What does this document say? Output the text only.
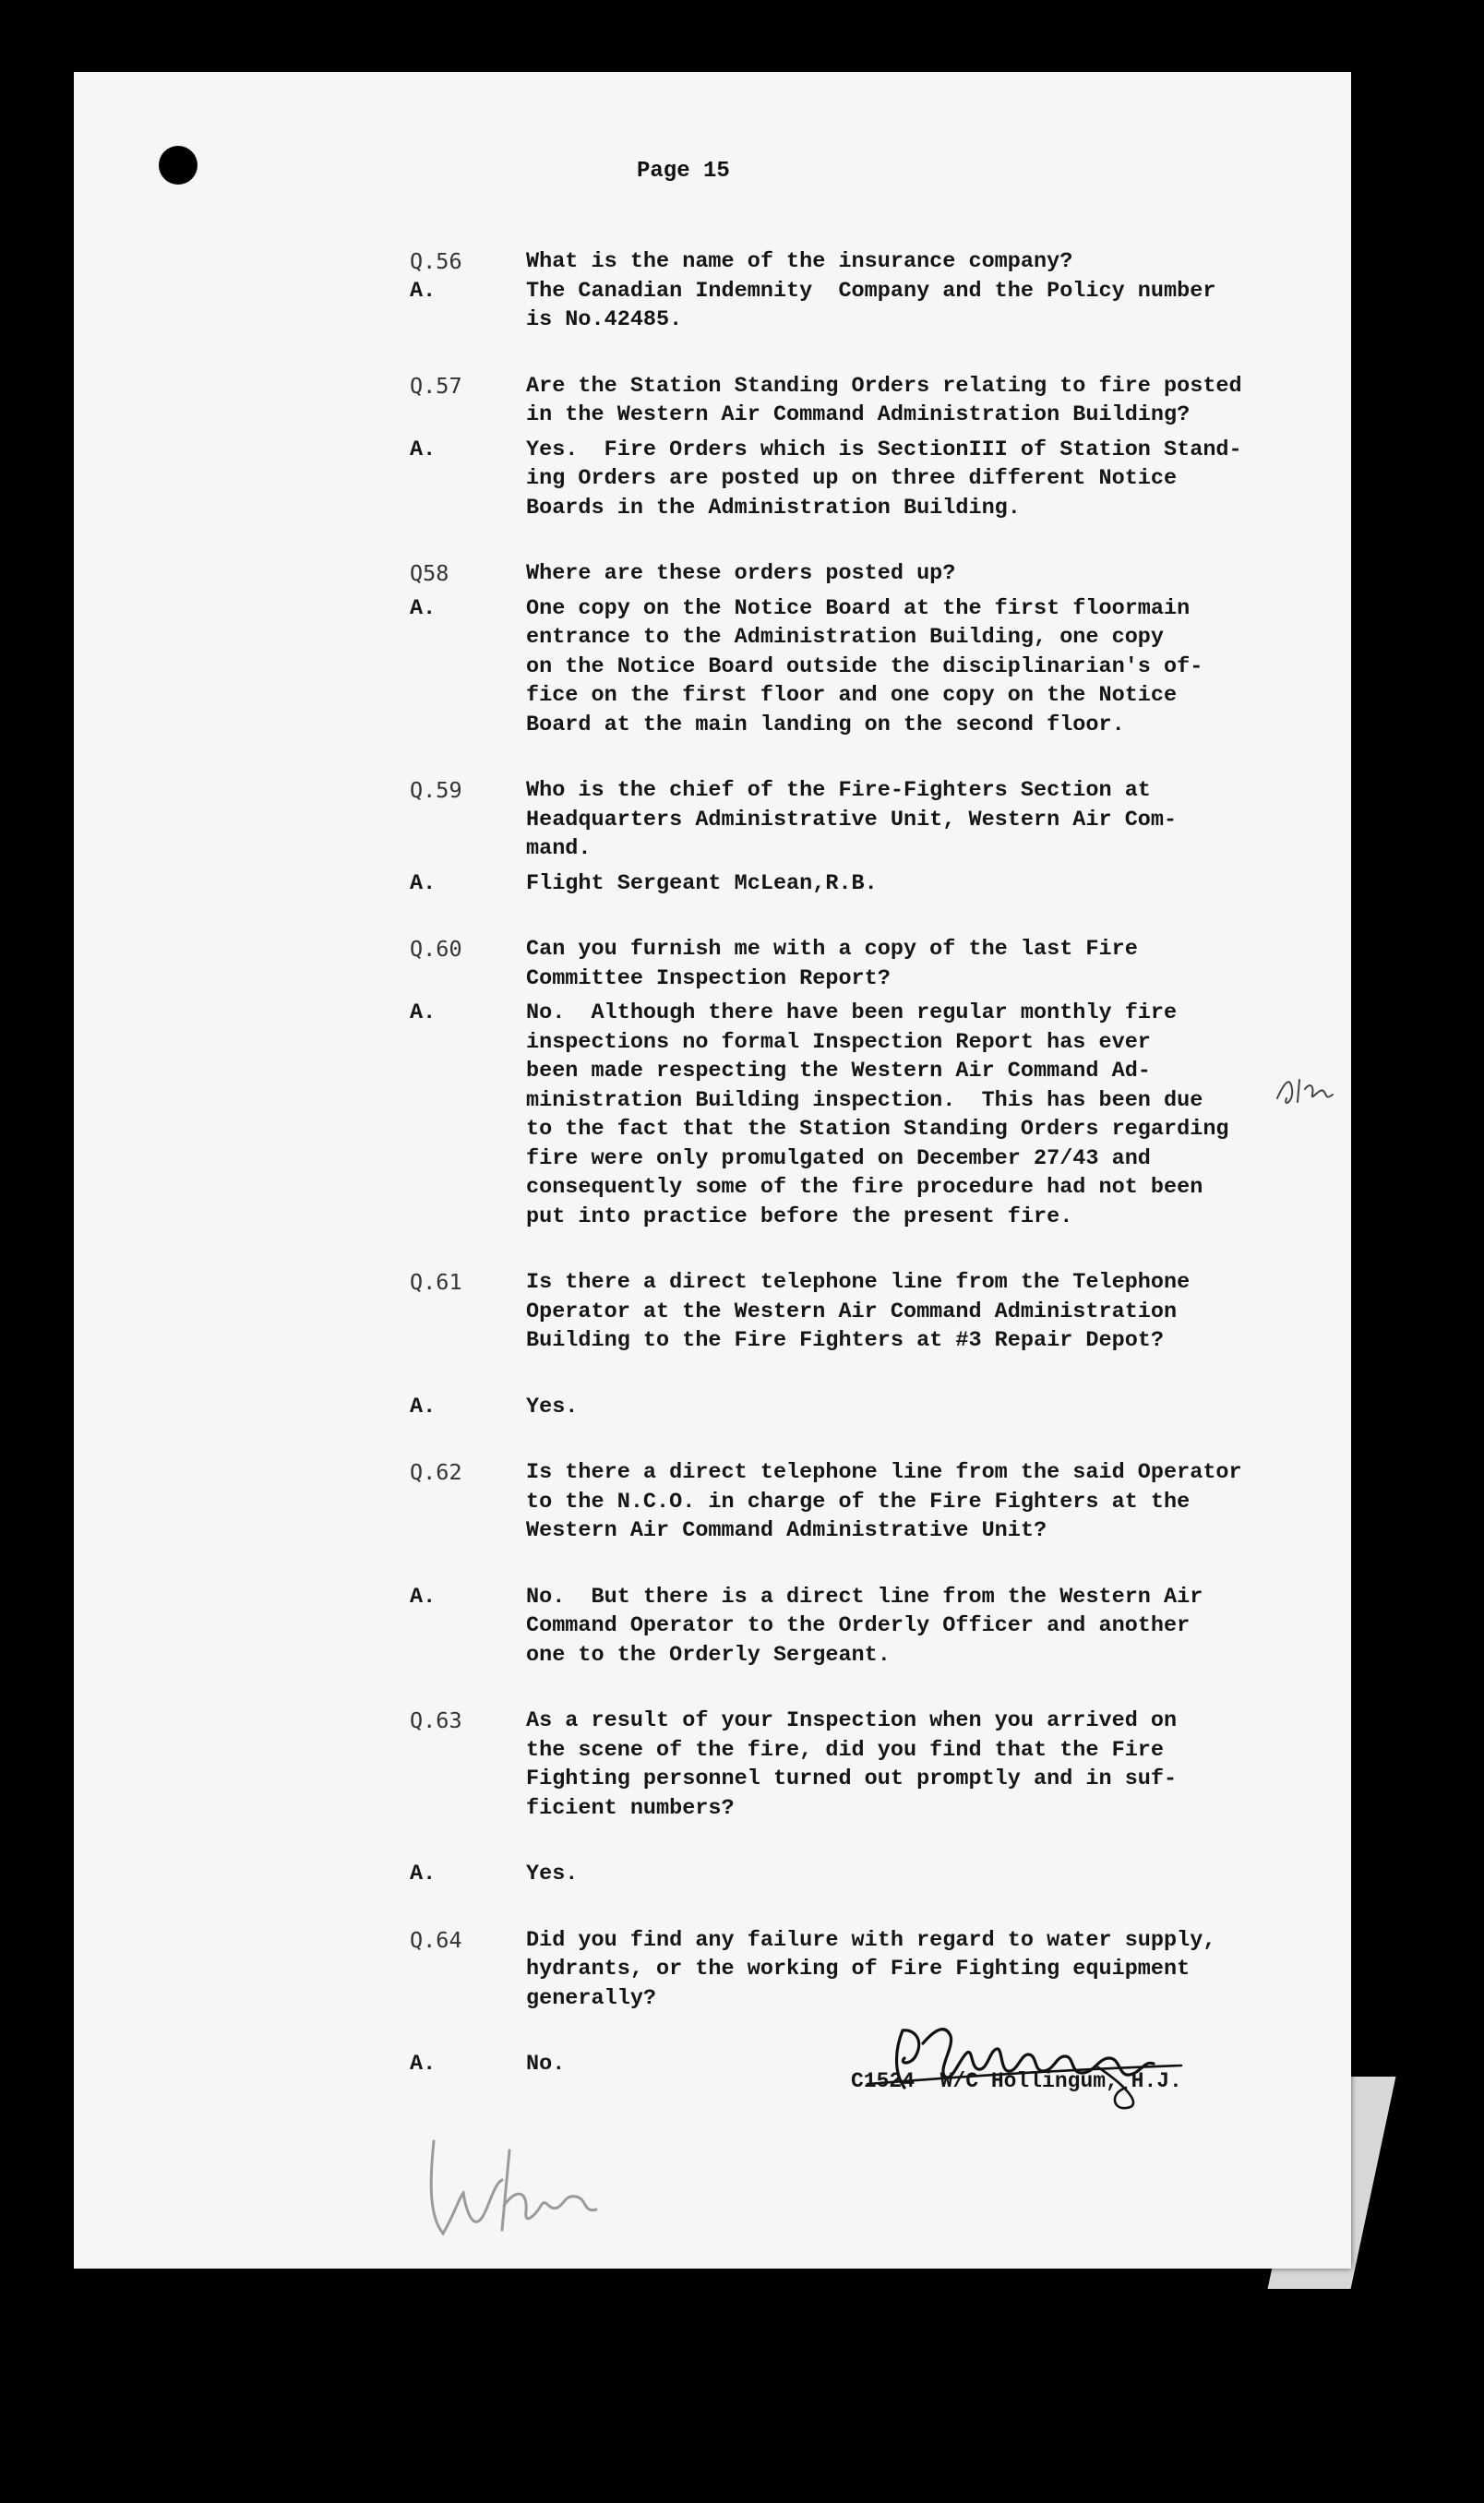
Page 15
Q.56	What is the name of the insurance company?
A.	The Canadian Indemnity  Company and the Policy number
is No.42485.
Q.57	Are the Station Standing Orders relating to fire posted
in the Western Air Command Administration Building?
A.	Yes.  Fire Orders which is SectionIII of Station Stand-
ing Orders are posted up on three different Notice
Boards in the Administration Building.
Q58	Where are these orders posted up?
A.	One copy on the Notice Board at the first floormain
entrance to the Administration Building, one copy
on the Notice Board outside the disciplinarian's of-
fice on the first floor and one copy on the Notice
Board at the main landing on the second floor.
Q.59	Who is the chief of the Fire-Fighters Section at
Headquarters Administrative Unit, Western Air Com-
mand.
A.	Flight Sergeant McLean,R.B.
Q.60	Can you furnish me with a copy of the last Fire
Committee Inspection Report?
A.	No.  Although there have been regular monthly fire
inspections no formal Inspection Report has ever
been made respecting the Western Air Command Ad-
ministration Building inspection.  This has been due
to the fact that the Station Standing Orders regarding
fire were only promulgated on December 27/43 and
consequently some of the fire procedure had not been
put into practice before the present fire.
Q.61	Is there a direct telephone line from the Telephone
Operator at the Western Air Command Administration
Building to the Fire Fighters at #3 Repair Depot?
A.	Yes.
Q.62	Is there a direct telephone line from the said Operator
to the N.C.O. in charge of the Fire Fighters at the
Western Air Command Administrative Unit?
A.	No.  But there is a direct line from the Western Air
Command Operator to the Orderly Officer and another
one to the Orderly Sergeant.
Q.63	As a result of your Inspection when you arrived on
the scene of the fire, did you find that the Fire
Fighting personnel turned out promptly and in suf-
ficient numbers?
A.	Yes.
Q.64	Did you find any failure with regard to water supply,
hydrants, or the working of Fire Fighting equipment
generally?
A.	No.
C1524  W/C Hollingum, H.J.
